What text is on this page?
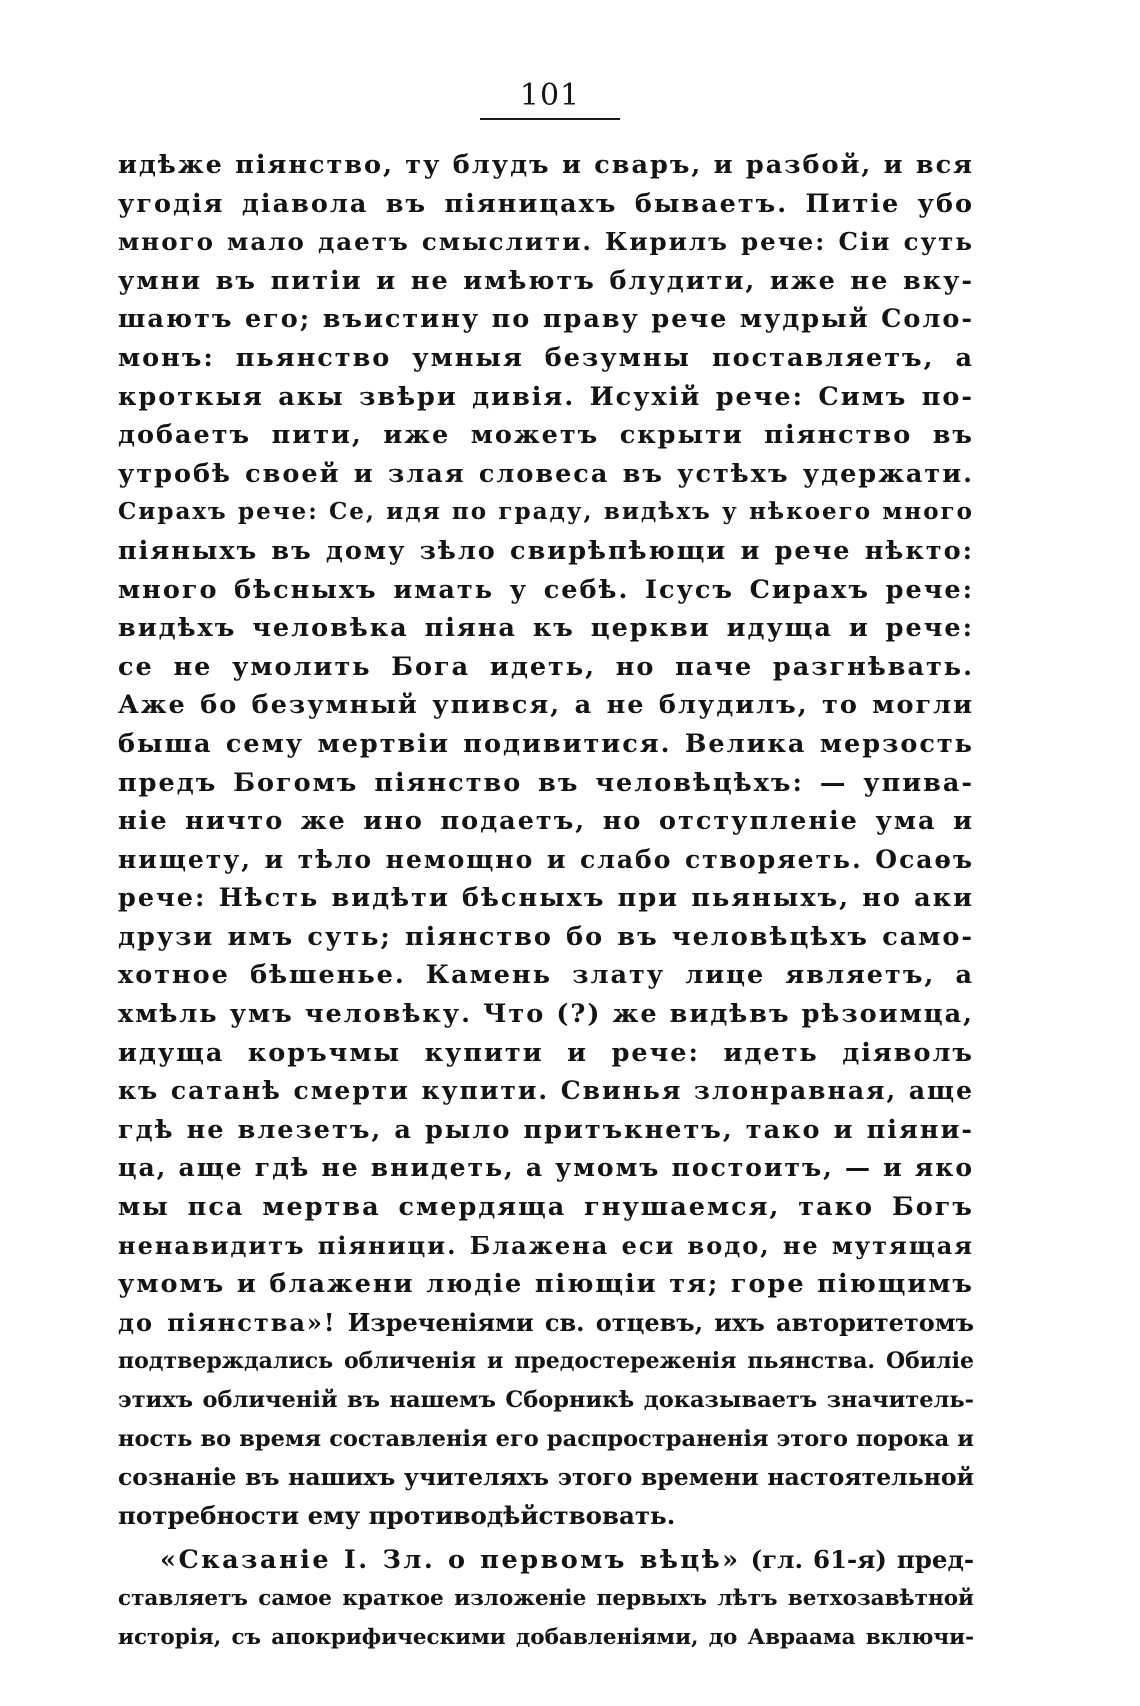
101
идѣже піянство, ту блудъ и сваръ, и разбой, и вся
угодія діавола въ піяницахъ бываетъ. Питіе убо
много мало даетъ смыслити. Кирилъ рече: Сіи суть
умни въ питіи и не имѣютъ блудити, иже не вку-
шаютъ его; въистину по праву рече мудрый Соло-
монъ: пьянство умныя безумны поставляетъ, а
кроткыя акы звѣри дивія. Исухій рече: Симъ по-
добаетъ пити, иже можетъ скрыти піянство въ
утробѣ своей и злая словеса въ устѣхъ удержати.
Сирахъ рече: Се, идя по граду, видѣхъ у нѣкоего много
піяныхъ въ дому зѣло свирѣпѣющи и рече нѣкто:
много бѣсныхъ имать у себѣ. Ісусъ Сирахъ рече:
видѣхъ человѣка піяна къ церкви идуща и рече:
се не умолить Бога идеть, но паче разгнѣвать.
Аже бо безумный упився, а не блудилъ, то могли
быша сему мертвіи подивитися. Велика мерзость
предъ Богомъ піянство въ человѣцѣхъ: — упива-
ніе ничто же ино подаетъ, но отступленіе ума и
нищету, и тѣло немощно и слабо створяеть. Осаѳъ
рече: Нѣсть видѣти бѣсныхъ при пьяныхъ, но аки
друзи имъ суть; піянство бо въ человѣцѣхъ само-
хотное бѣшенье. Камень злату лице являетъ, а
хмѣль умъ человѣку. Что (?) же видѣвъ рѣзоимца,
идуща коръчмы купити и рече: идеть діяволъ
къ сатанѣ смерти купити. Свинья злонравная, аще
гдѣ не влезетъ, а рыло притъкнетъ, тако и піяни-
ца, аще гдѣ не внидеть, а умомъ постоитъ, — и яко
мы пса мертва смердяща гнушаемся, тако Богъ
ненавидитъ піяници. Блажена еси водо, не мутящая
умомъ и блажени людіе піющіи тя; горе піющимъ
до піянства»! Изреченіями св. отцевъ, ихъ авторитетомъ
подтверждались обличенія и предостереженія пьянства. Обиліе
этихъ обличеній въ нашемъ Сборникѣ доказываетъ значитель-
ность во время составленія его распространенія этого порока и
сознаніе въ нашихъ учителяхъ этого времени настоятельной
потребности ему противодѣйствовать.
«Сказаніе І. Зл. о первомъ вѣцѣ» (гл. 61-я) пред-
ставляетъ самое краткое изложеніе первыхъ лѣтъ ветхозавѣтной
исторія, съ апокрифическими добавленіями, до Авраама включи-
